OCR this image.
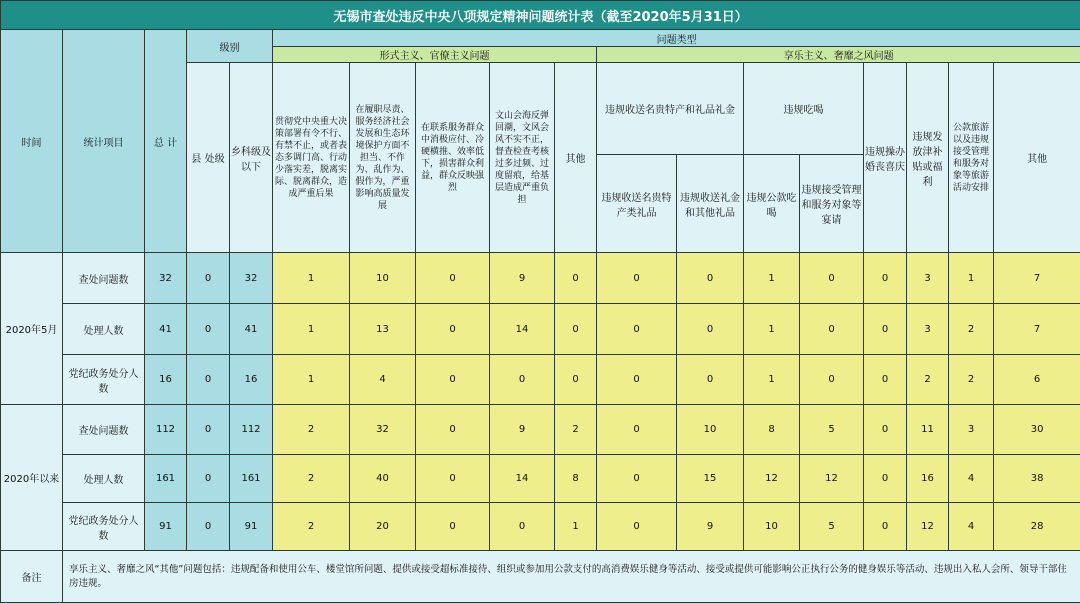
无锡市查处违反中央八项规定精神问题统计表（截至2020年5月31日）																	
时间	统计项目	总 计	级别		问题类型												
					形式主义、官僚主义问题					享乐主义、奢靡之风问题							
			县 处级	乡科级及以下	贯彻党中央重大决策部署有令不行、有禁不止，或者表态多调门高、行动少落实差，脱离实际、脱离群众，造成严重后果	在履职尽责、服务经济社会发展和生态环境保护方面不担当、不作为、乱作为、假作为，严重影响高质量发展	在联系服务群众中消极应付、冷硬横推、效率低下，损害群众利益，群众反映强烈	文山会海反弹回潮，文风会风不实不正，督查检查考核过多过频、过度留痕，给基层造成严重负担	其他	违规收送名贵特产和礼品礼金		违规吃喝		违规操办婚丧喜庆	违规发放津补贴或福利	公款旅游以及违规接受管理和服务对象等旅游活动安排	其他
										违规收送名贵特产类礼品	违规收送礼金和其他礼品	违规公款吃喝	违规接受管理和服务对象等宴请				
2020年5月	查处问题数	32	0	32	1	10	0	9	0	0	0	1	0	0	3	1	7
	处理人数	41	0	41	1	13	0	14	0	0	0	1	0	0	3	2	7
	党纪政务处分人数	16	0	16	1	4	0	0	0	0	0	1	0	0	2	2	6
2020年以来	查处问题数	112	0	112	2	32	0	9	2	0	10	8	5	0	11	3	30
	处理人数	161	0	161	2	40	0	14	8	0	15	12	12	0	16	4	38
	党纪政务处分人数	91	0	91	2	20	0	0	1	0	9	10	5	0	12	4	28
备注	享乐主义、奢靡之风“其他”问题包括：违规配备和使用公车、楼堂馆所问题、提供或接受超标准接待、组织或参加用公款支付的高消费娱乐健身等活动、接受或提供可能影响公正执行公务的健身娱乐等活动、违规出入私人会所、领导干部住房违规。																
